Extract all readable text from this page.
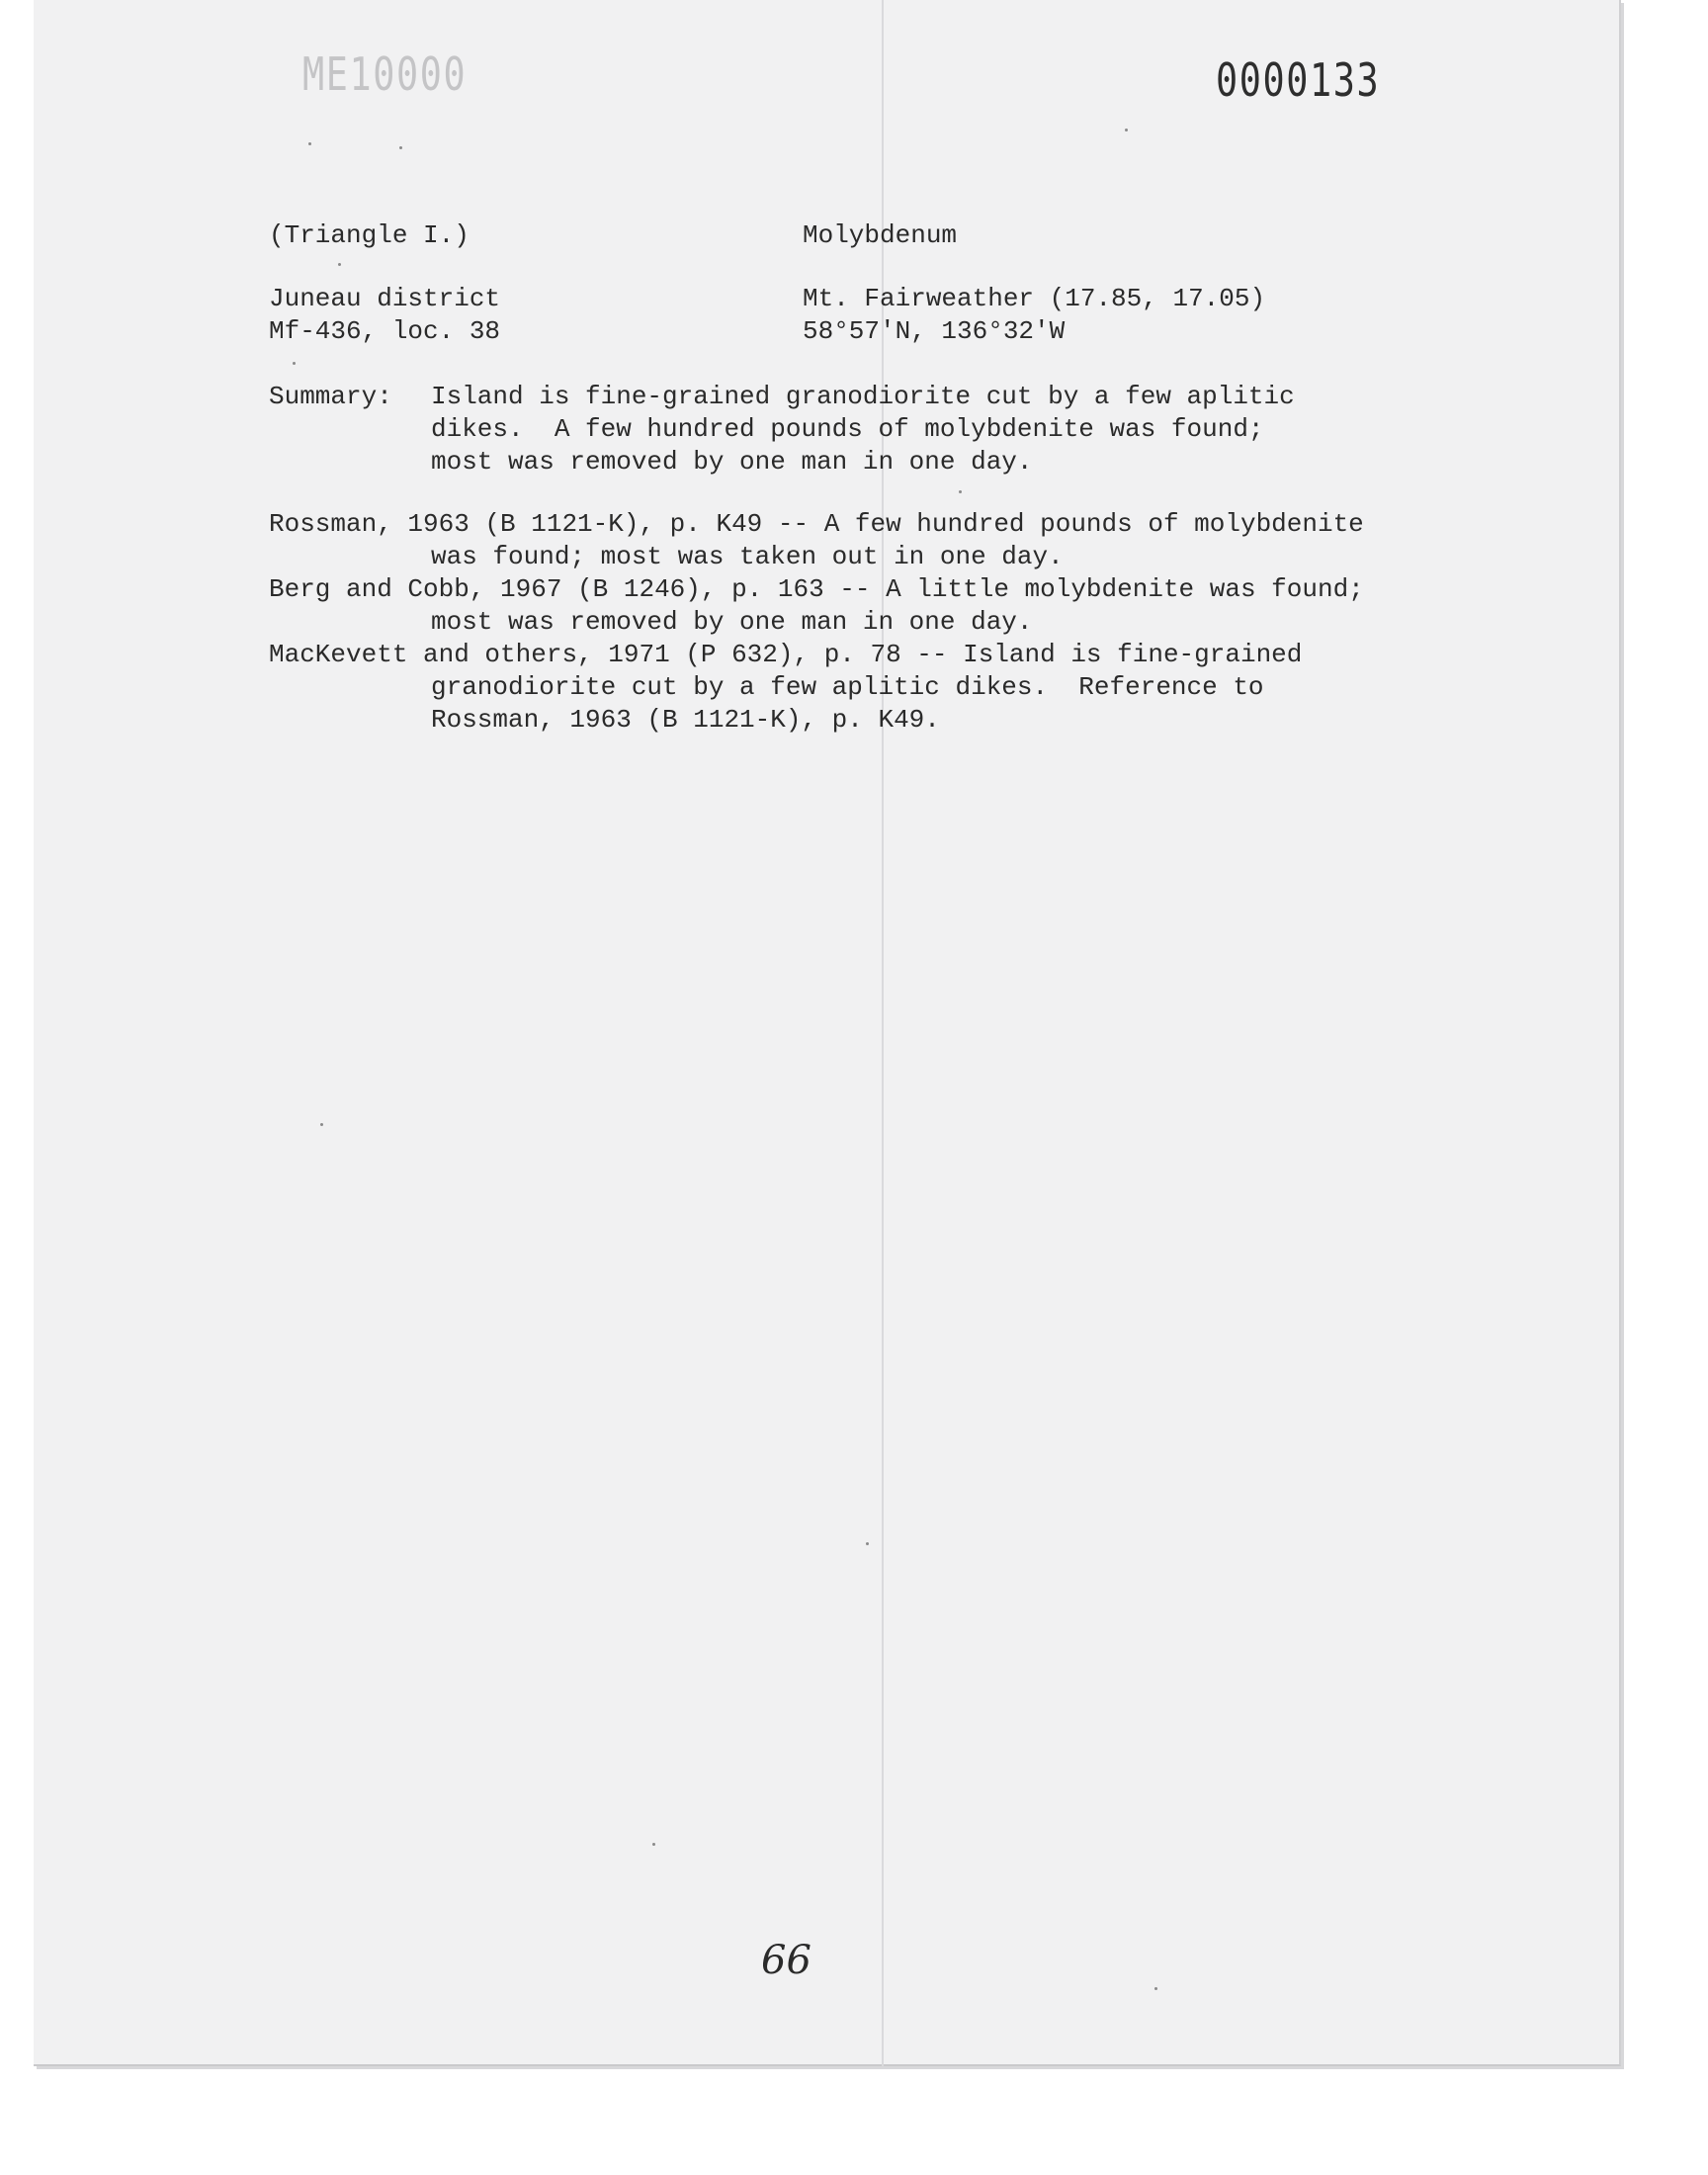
ME10000	0000133
(Triangle I.)	Molybdenum
Juneau district	Mt. Fairweather (17.85, 17.05)
Mf-436, loc. 38	58°57'N, 136°32'W
Summary: Island is fine-grained granodiorite cut by a few aplitic
dikes.  A few hundred pounds of molybdenite was found;
most was removed by one man in one day.
Rossman, 1963 (B 1121-K), p. K49 -- A few hundred pounds of molybdenite
was found; most was taken out in one day.
Berg and Cobb, 1967 (B 1246), p. 163 -- A little molybdenite was found;
most was removed by one man in one day.
MacKevett and others, 1971 (P 632), p. 78 -- Island is fine-grained
granodiorite cut by a few aplitic dikes.  Reference to
Rossman, 1963 (B 1121-K), p. K49.
66
